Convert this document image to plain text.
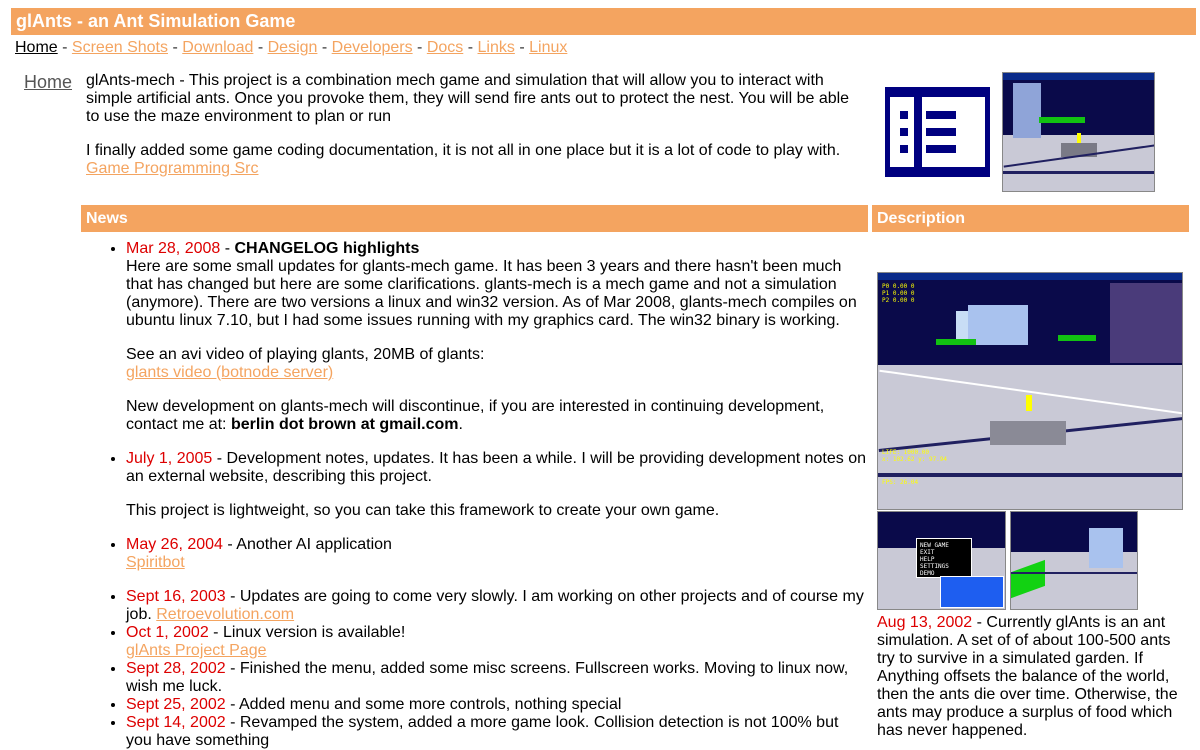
glAnts - an Ant Simulation Game
Home - Screen Shots - Download - Design - Developers - Docs - Links - Linux
Home glAnts-mech - This project is a combination mech game and simulation that will allow you to interact with simple artificial ants. Once you provoke them, they will send fire ants out to protect the nest. You will be able to use the maze environment to plan or run

I finally added some game coding documentation, it is not all in one place but it is a lot of code to play with.
Game Programming Src

News	Description
• Mar 28, 2008 - CHANGELOG highlights
Here are some small updates for glants-mech game. It has been 3 years and there hasn't been much that has changed but here are some clarifications. glants-mech is a mech game and not a simulation (anymore). There are two versions a linux and win32 version. As of Mar 2008, glants-mech compiles on ubuntu linux 7.10, but I had some issues running with my graphics card. The win32 binary is working.

See an avi video of playing glants, 20MB of glants:
glants video (botnode server)

New development on glants-mech will discontinue, if you are interested in continuing development, contact me at: berlin dot brown at gmail.com.

• July 1, 2005 - Development notes, updates. It has been a while. I will be providing development notes on an external website, describing this project.

This project is lightweight, so you can take this framework to create your own game.

• May 26, 2004 - Another AI application
Spiritbot
• Sept 16, 2003 - Updates are going to come very slowly. I am working on other projects and of course my job. Retroevolution.com
• Oct 1, 2002 - Linux version is available!
glAnts Project Page
• Sept 28, 2002 - Finished the menu, added some misc screens. Fullscreen works. Moving to linux now, wish me luck.
• Sept 25, 2002 - Added menu and some more controls, nothing special
• Sept 14, 2002 - Revamped the system, added a more game look. Collision detection is not 100% but you have something
P0 0.00 0
P1 0.00 0
P2 0.00 0
LIFE: 1000.00
x: 102.62 y: 97.94
FPS: 26.04
NEW GAME
EXIT
HELP
SETTINGS
DEMO
Aug 13, 2002 - Currently glAnts is an ant simulation. A set of of about 100-500 ants try to survive in a simulated garden. If Anything offsets the balance of the world, then the ants die over time. Otherwise, the ants may produce a surplus of food which has never happened.
